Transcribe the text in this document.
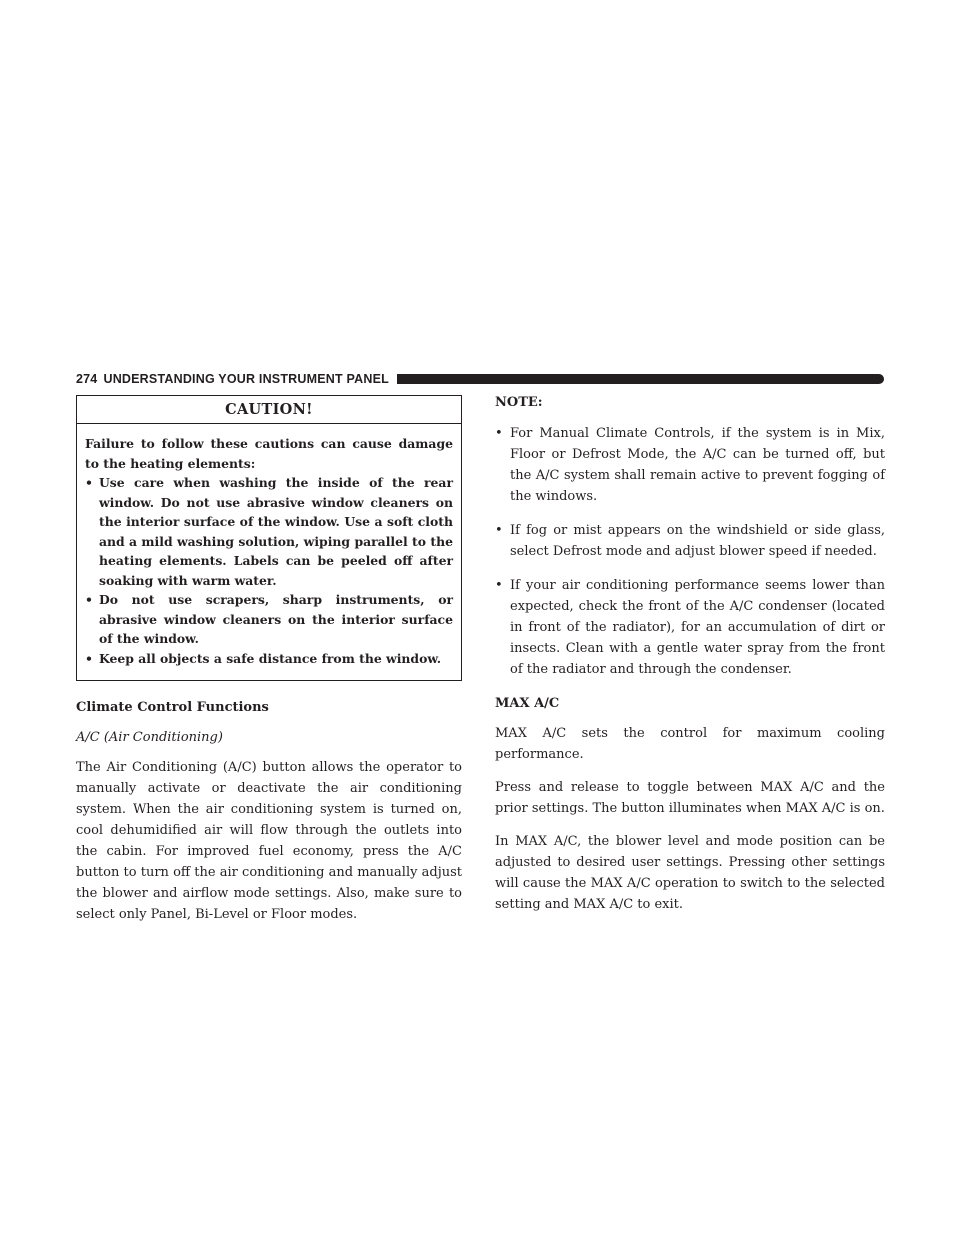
274 UNDERSTANDING YOUR INSTRUMENT PANEL
CAUTION!
Failure to follow these cautions can cause damage to the heating elements:
• Use care when washing the inside of the rear window. Do not use abrasive window cleaners on the interior surface of the window. Use a soft cloth and a mild washing solution, wiping parallel to the heating elements. Labels can be peeled off after soaking with warm water.
• Do not use scrapers, sharp instruments, or abrasive window cleaners on the interior surface of the window.
• Keep all objects a safe distance from the window.
Climate Control Functions
A/C (Air Conditioning)
The Air Conditioning (A/C) button allows the operator to manually activate or deactivate the air conditioning system. When the air conditioning system is turned on, cool dehumidified air will flow through the outlets into the cabin. For improved fuel economy, press the A/C button to turn off the air conditioning and manually adjust the blower and airflow mode settings. Also, make sure to select only Panel, Bi-Level or Floor modes.
NOTE:
• For Manual Climate Controls, if the system is in Mix, Floor or Defrost Mode, the A/C can be turned off, but the A/C system shall remain active to prevent fogging of the windows.
• If fog or mist appears on the windshield or side glass, select Defrost mode and adjust blower speed if needed.
• If your air conditioning performance seems lower than expected, check the front of the A/C condenser (located in front of the radiator), for an accumulation of dirt or insects. Clean with a gentle water spray from the front of the radiator and through the condenser.
MAX A/C
MAX A/C sets the control for maximum cooling performance.
Press and release to toggle between MAX A/C and the prior settings. The button illuminates when MAX A/C is on.
In MAX A/C, the blower level and mode position can be adjusted to desired user settings. Pressing other settings will cause the MAX A/C operation to switch to the selected setting and MAX A/C to exit.
